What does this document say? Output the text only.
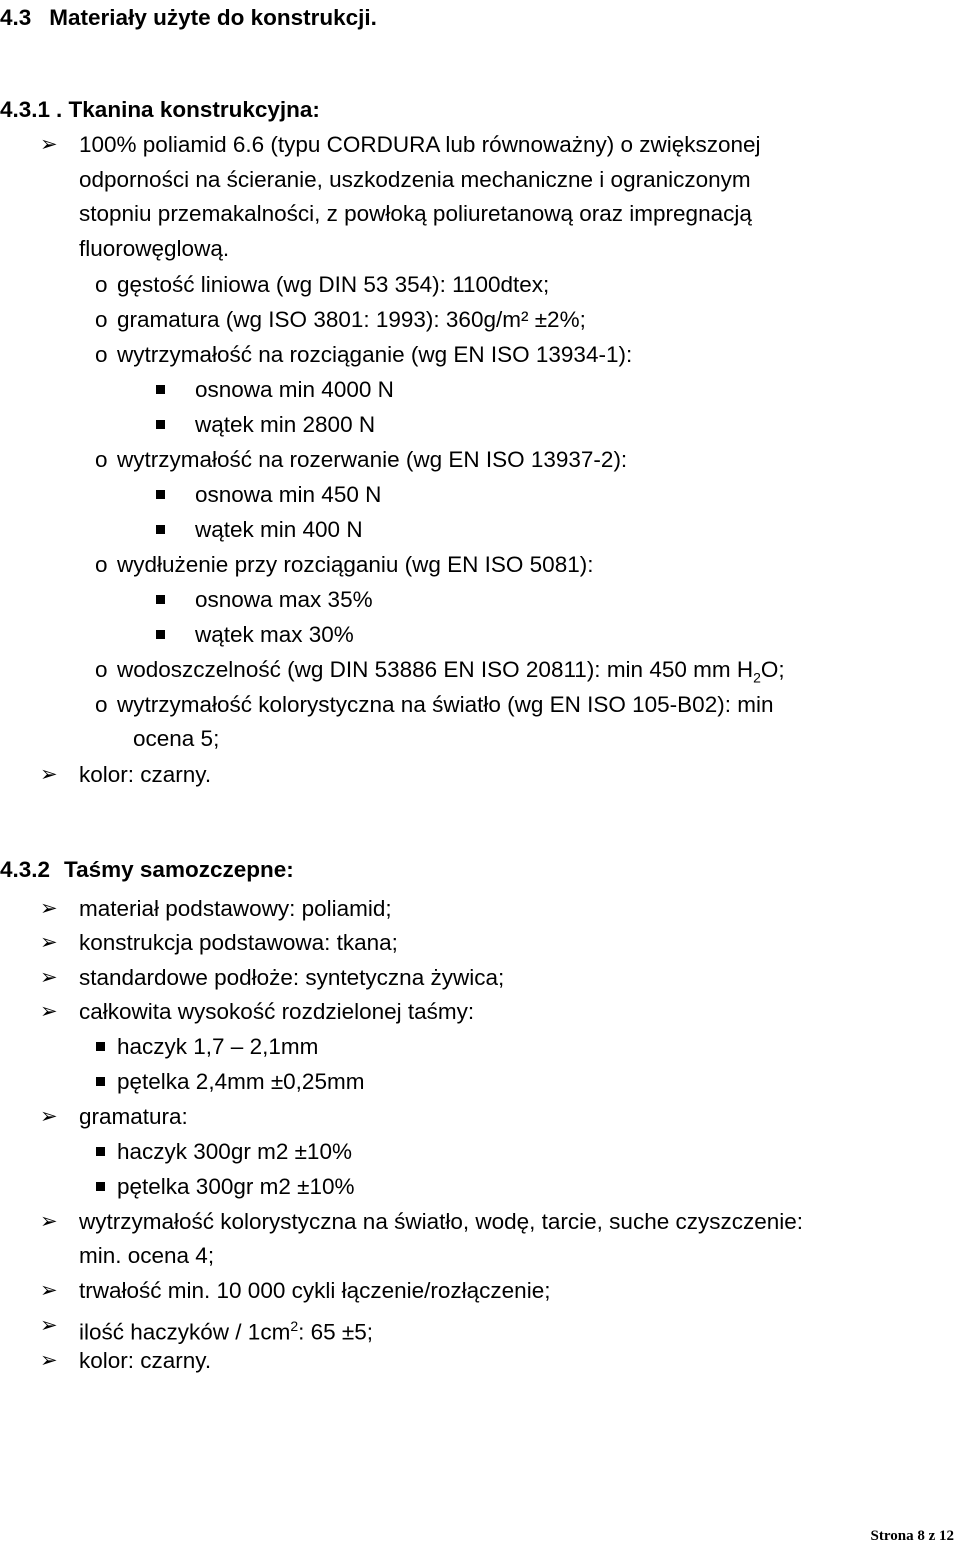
4.3 Materiały użyte do konstrukcji.
4.3.1 . Tkanina konstrukcyjna:
➢ 100% poliamid 6.6 (typu CORDURA lub równoważny) o zwiększonej
odporności na ścieranie, uszkodzenia mechaniczne i ograniczonym
stopniu przemakalności, z powłoką poliuretanową oraz impregnacją
fluorowęglową.
o gęstość liniowa (wg DIN 53 354): 1100dtex;
o gramatura (wg ISO 3801: 1993): 360g/m² ±2%;
o wytrzymałość na rozciąganie (wg EN ISO 13934-1):
osnowa min 4000 N
wątek min 2800 N
o wytrzymałość na rozerwanie (wg EN ISO 13937-2):
osnowa min 450 N
wątek min 400 N
o wydłużenie przy rozciąganiu (wg EN ISO 5081):
osnowa max 35%
wątek max 30%
o wodoszczelność (wg DIN 53886 EN ISO 20811): min 450 mm $H_2O$;
o wytrzymałość kolorystyczna na światło (wg EN ISO 105-B02): min
ocena 5;
➢ kolor: czarny.
4.3.2 Taśmy samozczepne:
➢ materiał podstawowy: poliamid;
➢ konstrukcja podstawowa: tkana;
➢ standardowe podłoże: syntetyczna żywica;
➢ całkowita wysokość rozdzielonej taśmy:
haczyk 1,7 – 2,1mm
pętelka 2,4mm ±0,25mm
➢ gramatura:
haczyk 300gr m2 ±10%
pętelka 300gr m2 ±10%
➢ wytrzymałość kolorystyczna na światło, wodę, tarcie, suche czyszczenie:
min. ocena 4;
➢ trwałość min. 10 000 cykli łączenie/rozłączenie;
➢ ilość haczyków / $1cm^2$: 65 ±5;
➢ kolor: czarny.
Strona 8 z 12
